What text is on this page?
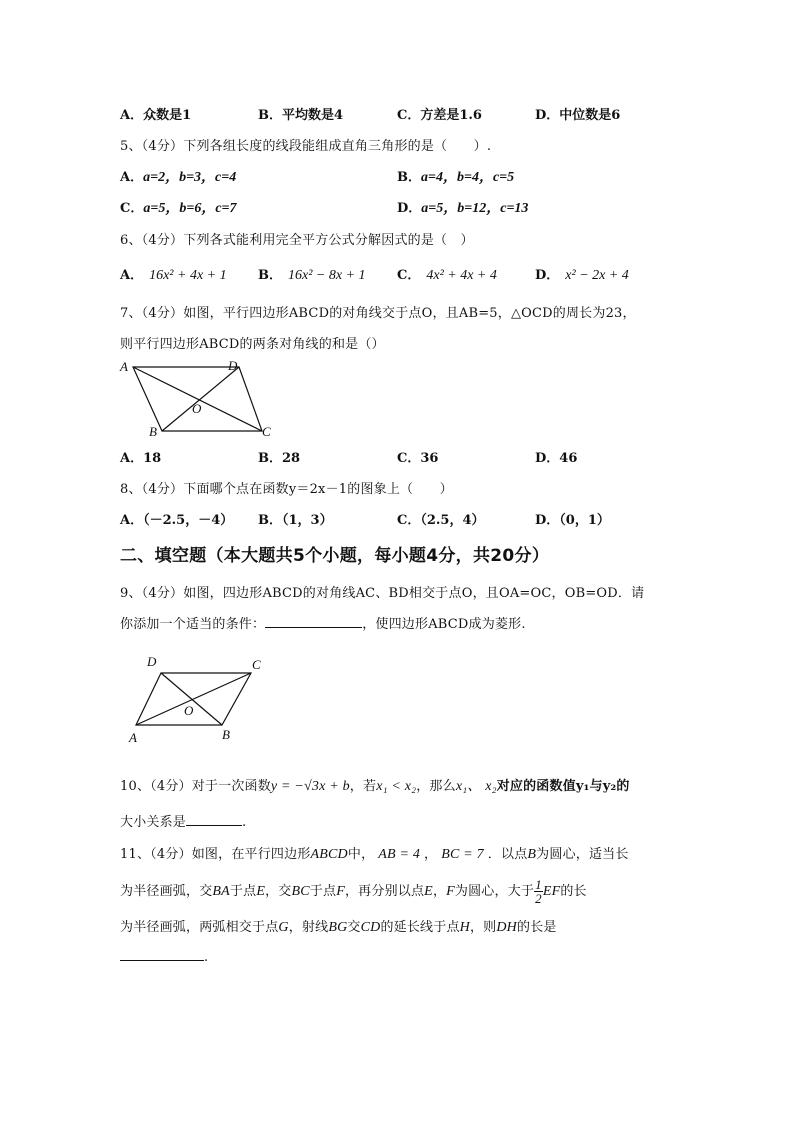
A．众数是1	B．平均数是4	C．方差是1.6	D．中位数是6
5、（4分）下列各组长度的线段能组成直角三角形的是（　　）.
A．a=2，b=3，c=4	B．a=4，b=4，c=5
C．a=5，b=6，c=7	D．a=5，b=12，c=13
6、（4分）下列各式能利用完全平方公式分解因式的是（　）
A． 16x² + 4x + 1 B． 16x² − 8x + 1 C． 4x² + 4x + 4	D． x² − 2x + 4
7、（4分）如图，平行四边形ABCD的对角线交于点O，且AB=5，△OCD的周长为23，
则平行四边形ABCD的两条对角线的和是（）
A	D
O
B	C
A．18	B．28	C．36	D．46
8、（4分）下面哪个点在函数y＝2x－1的图象上（　　）
A．（－2.5，－4） B．（1，3）	C．（2.5，4）	D．（0，1）
二、填空题（本大题共5个小题，每小题4分，共20分）
9、（4分）如图，四边形ABCD的对角线AC、BD相交于点O，且OA=OC，OB=OD．请
你添加一个适当的条件：	，使四边形ABCD成为菱形.
D	C
O
A	B
10、（4分）对于一次函数y = −√3x + b，若x₁ < x₂，那么x₁、 x₂对应的函数值y₁与y₂的
大小关系是	.
11、（4分）如图，在平行四边形ABCD中， AB = 4 ， BC = 7 ．以点B为圆心，适当长
为半径画弧，交BA于点E，交BC于点F，再分别以点E，F为圆心，大于 $\frac{1}{2}$ EF的长
为半径画弧，两弧相交于点G，射线BG交CD的延长线于点H，则DH的长是
.
